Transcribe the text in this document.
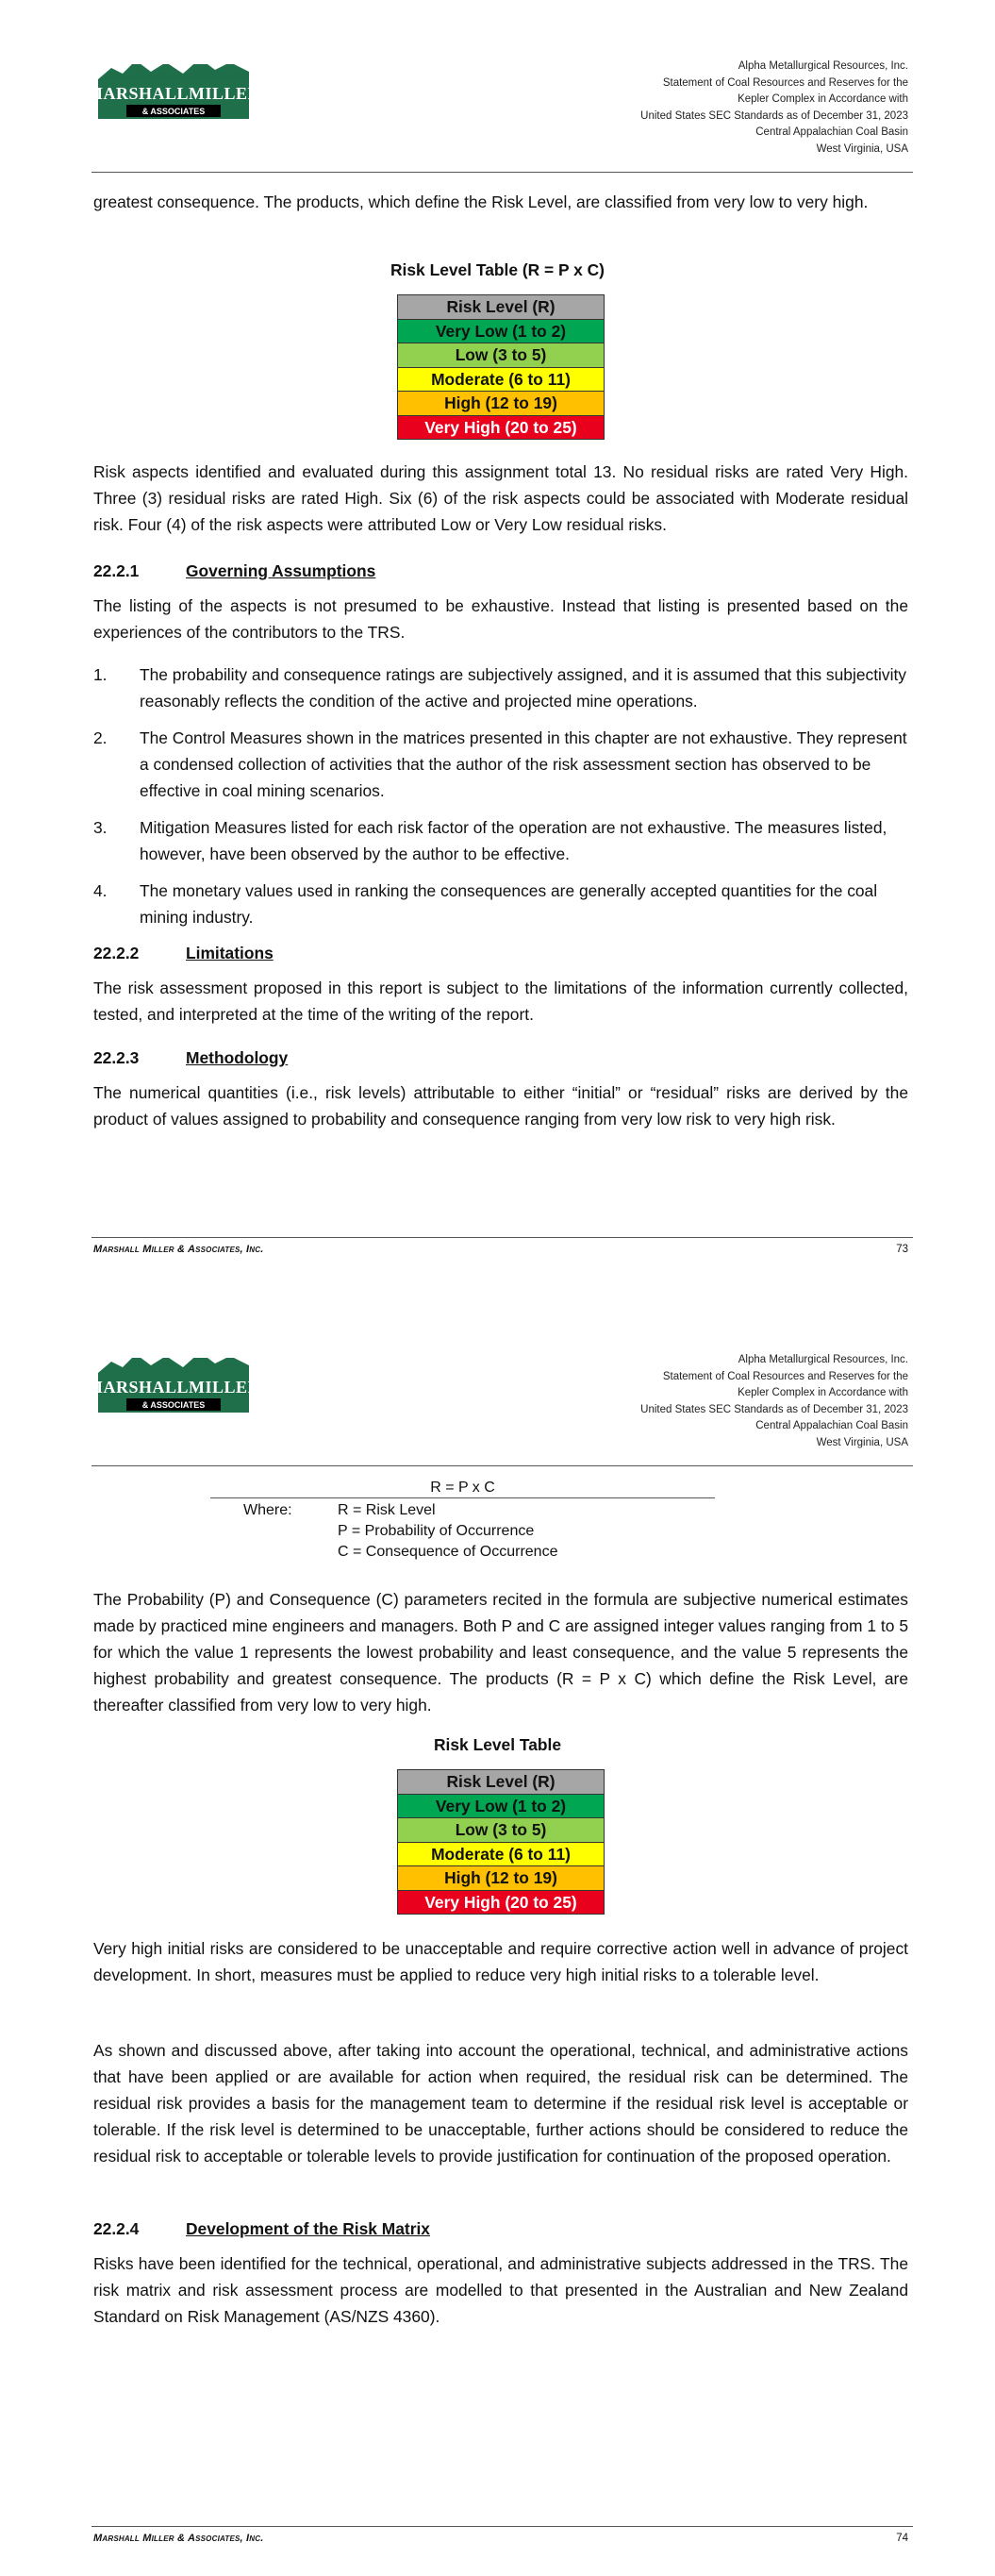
MARSHALLMILLER
& ASSOCIATES
Alpha Metallurgical Resources, Inc.
Statement of Coal Resources and Reserves for the
Kepler Complex in Accordance with
United States SEC Standards as of December 31, 2023
Central Appalachian Coal Basin
West Virginia, USA
greatest consequence. The products, which define the Risk Level, are classified from very low to very high.
Risk Level Table (R = P x C)
Risk Level (R)
Very Low (1 to 2)
Low (3 to 5)
Moderate (6 to 11)
High (12 to 19)
Very High (20 to 25)
Risk aspects identified and evaluated during this assignment total 13. No residual risks are rated Very High. Three (3) residual risks are rated High. Six (6) of the risk aspects could be associated with Moderate residual risk. Four (4) of the risk aspects were attributed Low or Very Low residual risks.
22.2.1	Governing Assumptions
The listing of the aspects is not presumed to be exhaustive. Instead that listing is presented based on the experiences of the contributors to the TRS.
1. The probability and consequence ratings are subjectively assigned, and it is assumed that this subjectivity reasonably reflects the condition of the active and projected mine operations.
2. The Control Measures shown in the matrices presented in this chapter are not exhaustive. They represent a condensed collection of activities that the author of the risk assessment section has observed to be effective in coal mining scenarios.
3. Mitigation Measures listed for each risk factor of the operation are not exhaustive. The measures listed, however, have been observed by the author to be effective.
4. The monetary values used in ranking the consequences are generally accepted quantities for the coal mining industry.
22.2.2	Limitations
The risk assessment proposed in this report is subject to the limitations of the information currently collected, tested, and interpreted at the time of the writing of the report.
22.2.3	Methodology
The numerical quantities (i.e., risk levels) attributable to either “initial” or “residual” risks are derived by the product of values assigned to probability and consequence ranging from very low risk to very high risk.
Marshall Miller & Associates, Inc.	73
MARSHALLMILLER
& ASSOCIATES
Alpha Metallurgical Resources, Inc.
Statement of Coal Resources and Reserves for the
Kepler Complex in Accordance with
United States SEC Standards as of December 31, 2023
Central Appalachian Coal Basin
West Virginia, USA
R = P x C
Where:	R = Risk Level
P = Probability of Occurrence
C = Consequence of Occurrence
The Probability (P) and Consequence (C) parameters recited in the formula are subjective numerical estimates made by practiced mine engineers and managers. Both P and C are assigned integer values ranging from 1 to 5 for which the value 1 represents the lowest probability and least consequence, and the value 5 represents the highest probability and greatest consequence. The products (R = P x C) which define the Risk Level, are thereafter classified from very low to very high.
Risk Level Table
Risk Level (R)
Very Low (1 to 2)
Low (3 to 5)
Moderate (6 to 11)
High (12 to 19)
Very High (20 to 25)
Very high initial risks are considered to be unacceptable and require corrective action well in advance of project development. In short, measures must be applied to reduce very high initial risks to a tolerable level.
As shown and discussed above, after taking into account the operational, technical, and administrative actions that have been applied or are available for action when required, the residual risk can be determined. The residual risk provides a basis for the management team to determine if the residual risk level is acceptable or tolerable. If the risk level is determined to be unacceptable, further actions should be considered to reduce the residual risk to acceptable or tolerable levels to provide justification for continuation of the proposed operation.
22.2.4	Development of the Risk Matrix
Risks have been identified for the technical, operational, and administrative subjects addressed in the TRS. The risk matrix and risk assessment process are modelled to that presented in the Australian and New Zealand Standard on Risk Management (AS/NZS 4360).
Marshall Miller & Associates, Inc.	74
